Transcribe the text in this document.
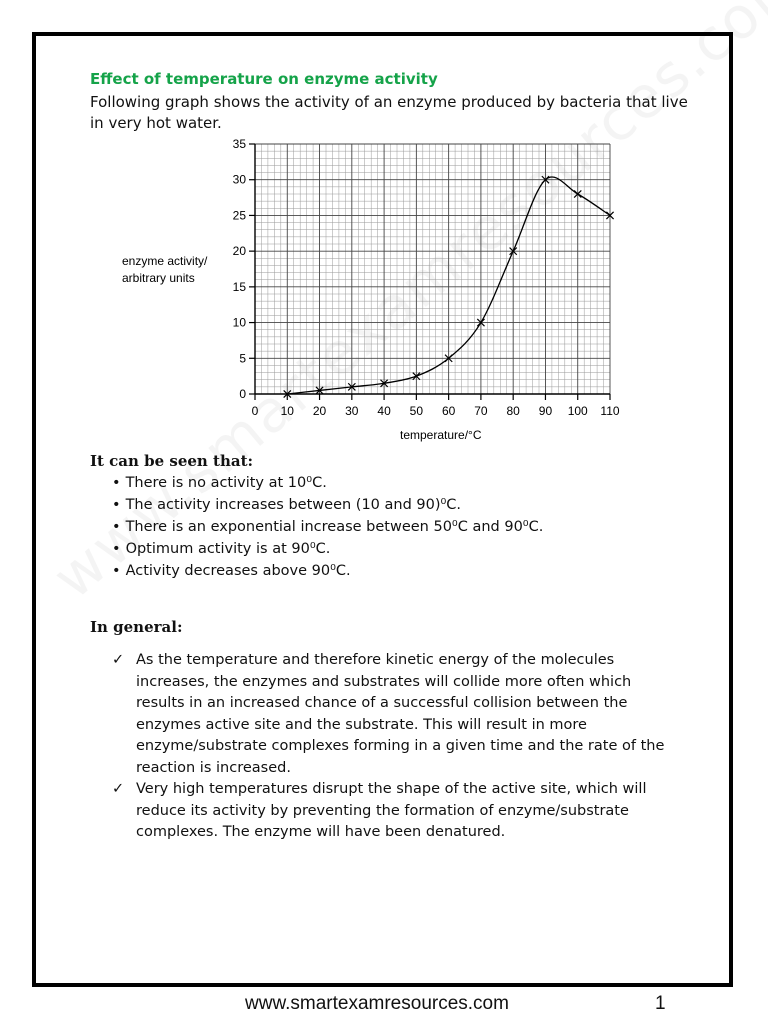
Effect of temperature on enzyme activity
Following graph shows the activity of an enzyme produced by bacteria that live in very hot water.
0 10 20 30 40 50 60 70 80 90 100 110
0
5
10
15
20
25
30
35
enzyme activity/
arbitrary units
temperature/°C
It can be seen that:
• There is no activity at 10⁰C.
• The activity increases between (10 and 90)⁰C.
• There is an exponential increase between 50⁰C and 90⁰C.
• Optimum activity is at 90⁰C.
• Activity decreases above 90⁰C.
In general:
✓ As the temperature and therefore kinetic energy of the molecules increases, the enzymes and substrates will collide more often which results in an increased chance of a successful collision between the enzymes active site and the substrate. This will result in more enzyme/substrate complexes forming in a given time and the rate of the reaction is increased.
✓ Very high temperatures disrupt the shape of the active site, which will reduce its activity by preventing the formation of enzyme/substrate complexes. The enzyme will have been denatured.
www.smartexamresources.com	1
